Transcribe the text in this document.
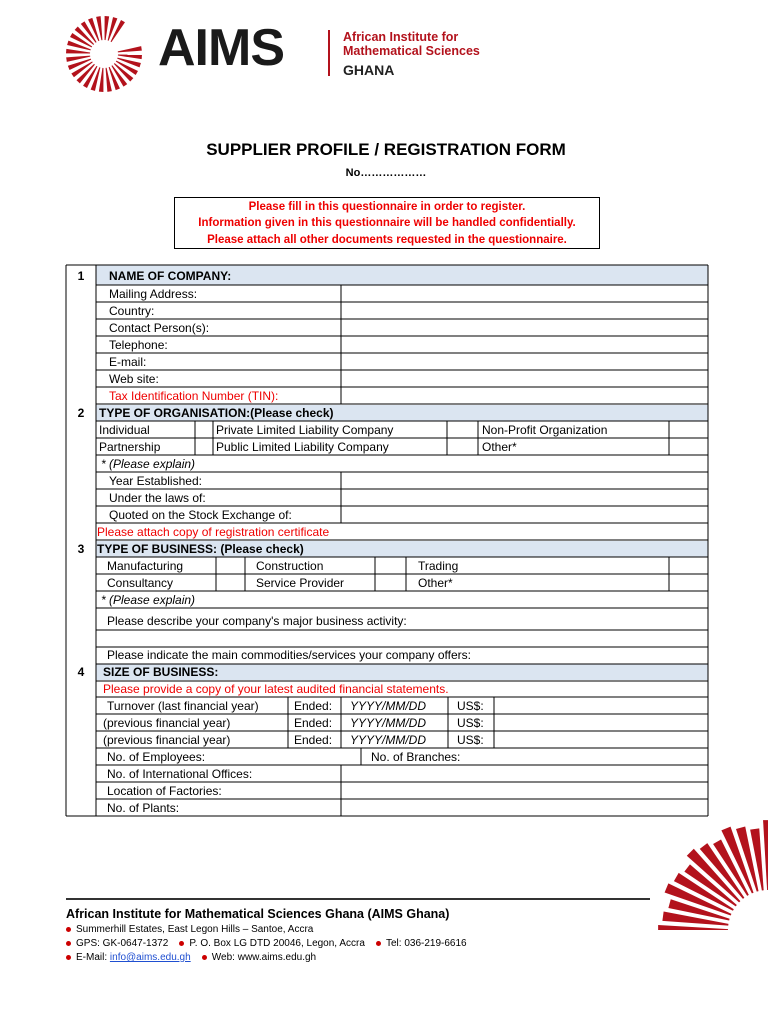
AIMS	African Institute for
Mathematical Sciences
GHANA
SUPPLIER PROFILE / REGISTRATION FORM
No………………
Please fill in this questionnaire in order to register.
Information given in this questionnaire will be handled confidentially.
Please attach all other documents requested in the questionnaire.
1	NAME OF COMPANY:
Mailing Address:
Country:
Contact Person(s):
Telephone:
E-mail:
Web site:
Tax Identification Number (TIN):
2	TYPE OF ORGANISATION:(Please check)
Individual	Private Limited Liability Company	Non-Profit Organization
Partnership	Public Limited Liability Company	Other*
* (Please explain)
Year Established:
Under the laws of:
Quoted on the Stock Exchange of:
Please attach copy of registration certificate
3	TYPE OF BUSINESS: (Please check)
Manufacturing	Construction	Trading
Consultancy	Service Provider	Other*
* (Please explain)
Please describe your company's major business activity:
Please indicate the main commodities/services your company offers:
4	SIZE OF BUSINESS:
Please provide a copy of your latest audited financial statements.
Turnover (last financial year)	Ended: YYYY/MM/DD	US$:
(previous financial year)	Ended: YYYY/MM/DD	US$:
(previous financial year)	Ended: YYYY/MM/DD	US$:
No. of Employees:	No. of Branches:
No. of International Offices:
Location of Factories:
No. of Plants:
African Institute for Mathematical Sciences Ghana (AIMS Ghana)
Summerhill Estates, East Legon Hills – Santoe, Accra
GPS: GK-0647-1372 P. O. Box LG DTD 20046, Legon, Accra Tel: 036-219-6616
E-Mail: info@aims.edu.gh Web: www.aims.edu.gh
